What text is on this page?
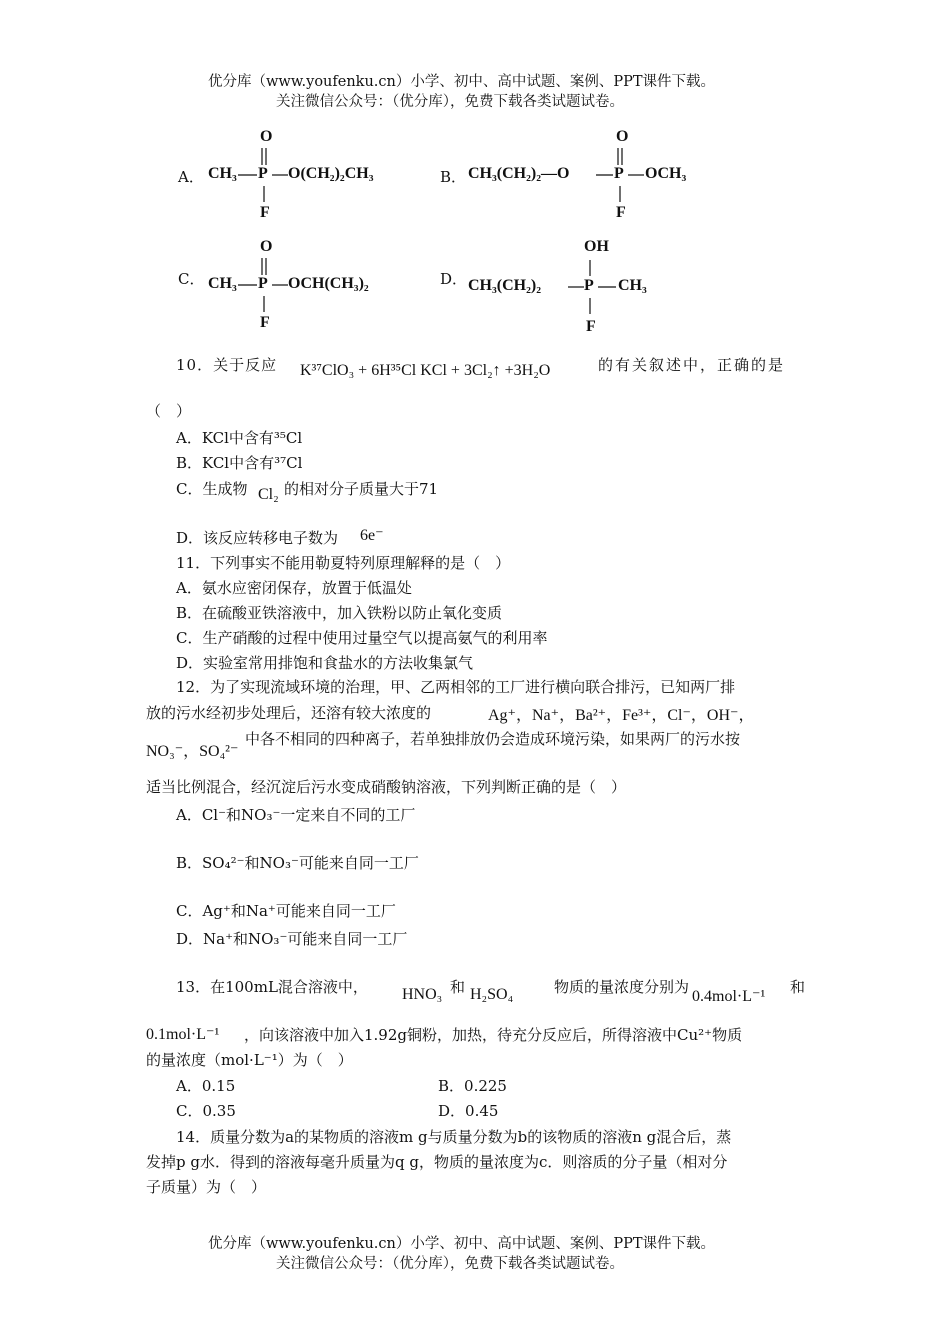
优分库（www.youfenku.cn）小学、初中、高中试题、案例、PPT课件下载。
关注微信公众号：（优分库），免费下载各类试题试卷。
A．
O
CH₃ P O(CH₂)₂CH₃
F
B．
O
CH₃(CH₂)₂—O	P OCH₃
F
C．
O
CH₃ P OCH(CH₃)₂
F
D．
OH
CH₃(CH₂)₂	P CH₃
F
10．关于反应 K³⁷ClO₃ + 6H³⁵Cl KCl + 3Cl₂↑ +3H₂O	的有关叙述中，正确的是
（　）
A．KCl中含有³⁵Cl
B．KCl中含有³⁷Cl
C．生成物 Cl₂ 的相对分子质量大于71
D．该反应转移电子数为 6e⁻
11．下列事实不能用勒夏特列原理解释的是（　）
A．氨水应密闭保存，放置于低温处
B．在硫酸亚铁溶液中，加入铁粉以防止氧化变质
C．生产硝酸的过程中使用过量空气以提高氨气的利用率
D．实验室常用排饱和食盐水的方法收集氯气
12．为了实现流域环境的治理，甲、乙两相邻的工厂进行横向联合排污，已知两厂排
放的污水经初步处理后，还溶有较大浓度的	Ag⁺，Na⁺，Ba²⁺，Fe³⁺，Cl⁻，OH⁻，
NO₃⁻，SO₄²⁻
中各不相同的四种离子，若单独排放仍会造成环境污染，如果两厂的污水按
适当比例混合，经沉淀后污水变成硝酸钠溶液，下列判断正确的是（　）
A．Cl⁻和NO₃⁻一定来自不同的工厂
B．SO₄²⁻和NO₃⁻可能来自同一工厂
C．Ag⁺和Na⁺可能来自同一工厂
D．Na⁺和NO₃⁻可能来自同一工厂
13．在100mL混合溶液中， HNO₃ 和 H₂SO₄	物质的量浓度分别为
0.4mol·L⁻¹
和
0.1mol·L⁻¹ ，向该溶液中加入1.92g铜粉，加热，待充分反应后，所得溶液中Cu²⁺物质
的量浓度（mol·L⁻¹）为（　）
A．0.15	B．0.225
C．0.35	D．0.45
14．质量分数为a的某物质的溶液m g与质量分数为b的该物质的溶液n g混合后，蒸
发掉p g水．得到的溶液每毫升质量为q g，物质的量浓度为c．则溶质的分子量（相对分
子质量）为（　）
优分库（www.youfenku.cn）小学、初中、高中试题、案例、PPT课件下载。
关注微信公众号：（优分库），免费下载各类试题试卷。
